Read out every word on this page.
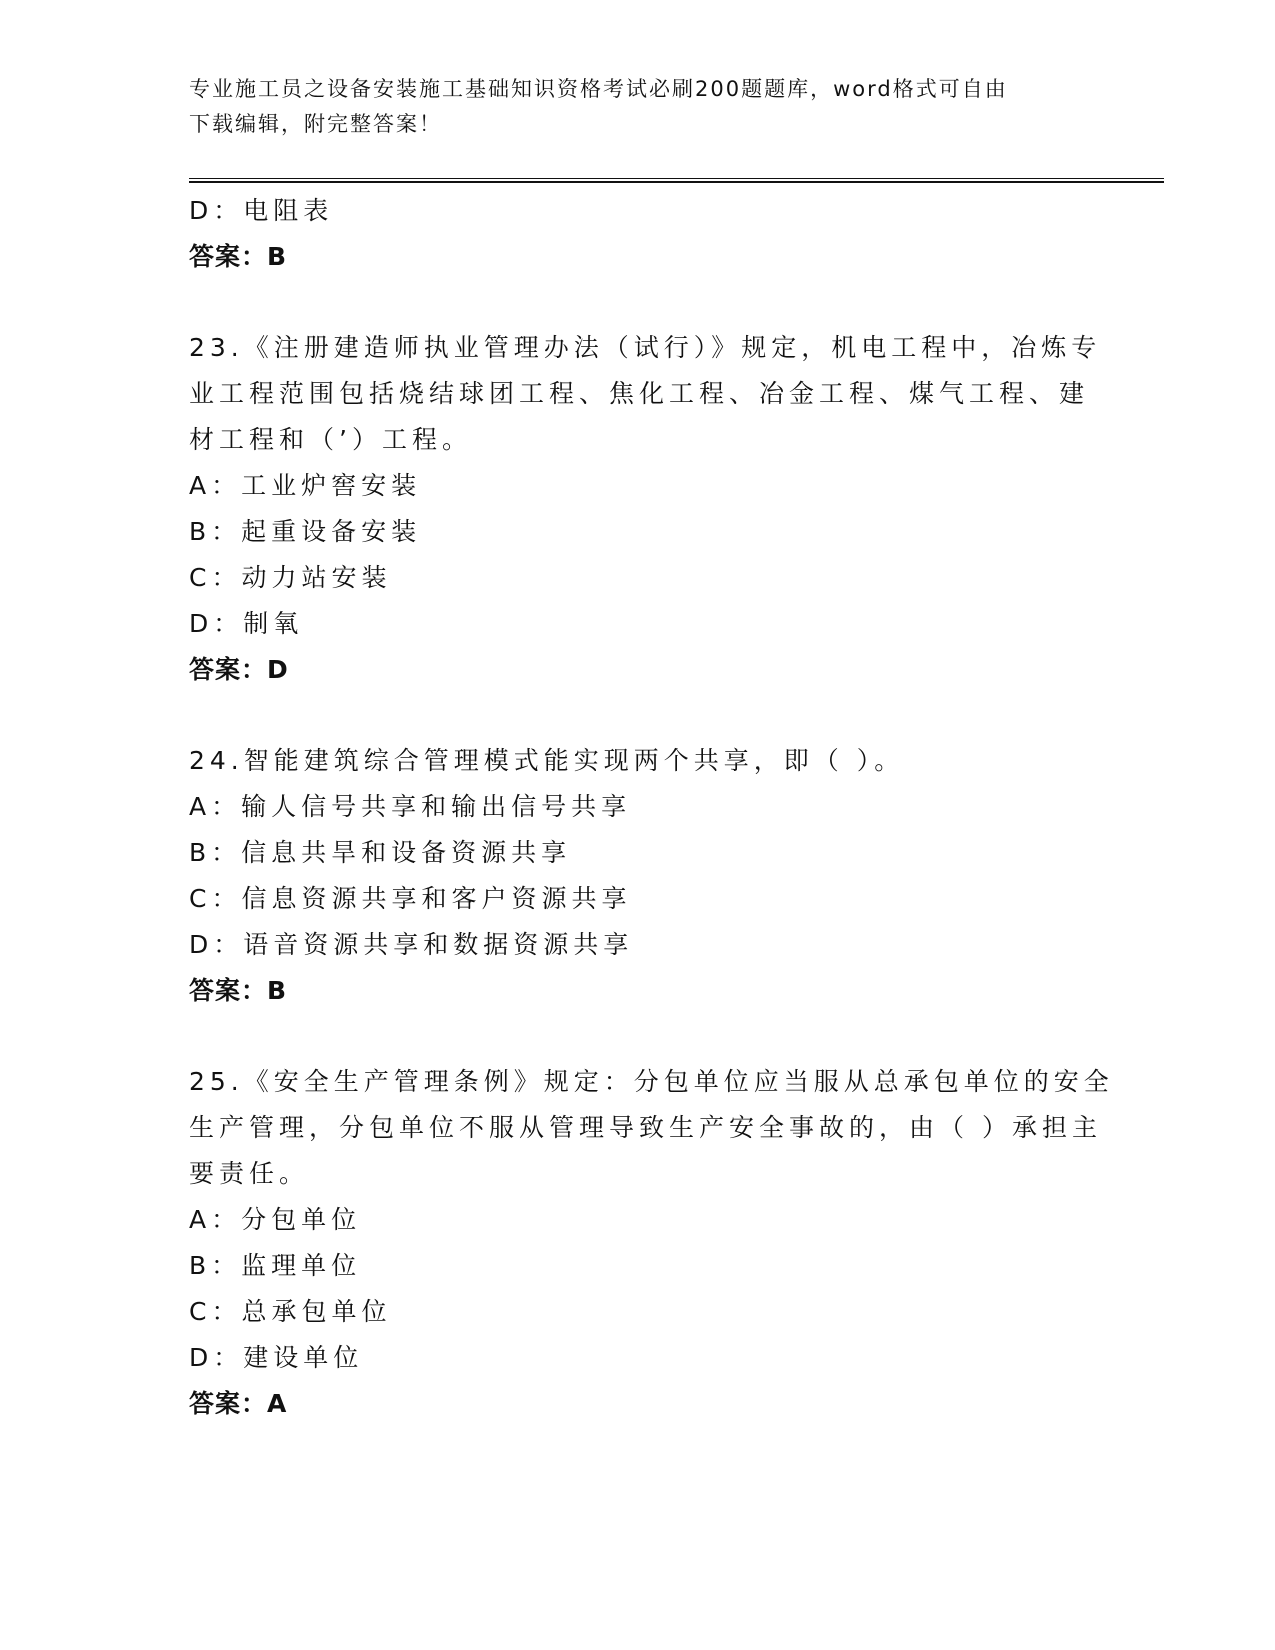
专业施工员之设备安装施工基础知识资格考试必刷200题题库，word格式可自由
下载编辑，附完整答案！
D：电阻表
答案：B
23.《注册建造师执业管理办法（试行）》规定，机电工程中，冶炼专
业工程范围包括烧结球团工程、焦化工程、冶金工程、煤气工程、建
材工程和（’）工程。
A：工业炉窖安装
B：起重设备安装
C：动力站安装
D：制氧
答案：D
24.智能建筑综合管理模式能实现两个共享，即（ ）。
A：输人信号共享和输出信号共享
B：信息共旱和设备资源共享
C：信息资源共享和客户资源共享
D：语音资源共享和数据资源共享
答案：B
25.《安全生产管理条例》规定：分包单位应当服从总承包单位的安全
生产管理，分包单位不服从管理导致生产安全事故的，由（ ）承担主
要责任。
A：分包单位
B：监理单位
C：总承包单位
D：建设单位
答案：A
